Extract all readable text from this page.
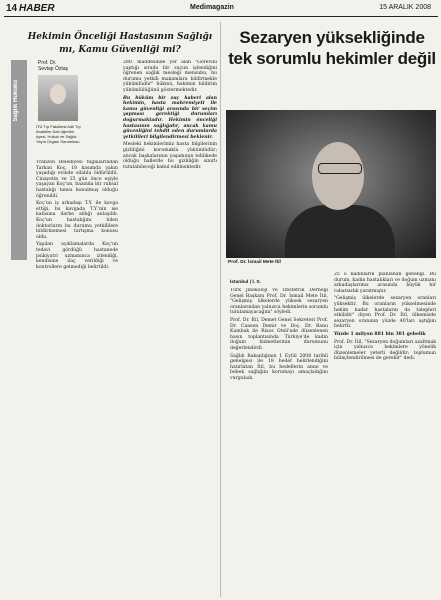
14 HABER	Medimagazin	15 ARALIK 2008
Hekimin Önceliği Hastasının Sağlığı mı, Kamu Güvenliği mi?
Sağlık Hukuku
Prof. Dr.
Sevtap Öztaş
İTÜ Tıp Fakültesi Adli Tıp Anabilim Dalı öğretim üyesi, Hukuk ve Sağlık Yayın Organı Sorumlusu

Trabzon Belediyesi tuğlalarından Tarkan Koç, 18 kasımda yakın yaşadığı evinde silahla öldürüldü. Cinayetin ve 25 gün önce eşiyle yaşayan Koç'un, bazında bir ruhsal hastalığı tanısı konulmuş olduğu öğrenildi.

Koç'un iş arkadaşı T.Y. ile kavga ettiği, bu kavgada T.Y.'nin ise kafasına darbe aldığı anlaşıldı. Koç'un hastalığını bilen doktorların bu durumu yetkililere bildirmemesi tartışma konusu oldu.

Yapılan açıklamalarda Koç'un tedavi gördüğü hastanede psikiyatri uzmanınca izlendiği, kendisine ilaç verildiği ve kontrollere gelmediği belirtildi.

280. maddesinde yer alan "Görevini yaptığı sırada bir suçun işlendiğini öğrenen sağlık mesleği mensubu, bu durumu yetkili makamlara bildirmekle yükümlüdür" hükmü, hekimin bildirim yükümlülüğünü göstermektedir.

Bu hüküm bir suç haberi alan hekimin, hasta mahremiyeti ile kamu güvenliği arasında bir seçim yapması gerektiği durumları doğurmaktadır. Hekimin önceliği hastasının sağlığıdır, ancak kamu güvenliğini tehdit eden durumlarda yetkilileri bilgilendirmesi beklenir.

Mesleki hekimlerimiz hasta bilgilerinin gizliliğini korumakla yükümlüdür; ancak başkalarının yaşamının tehlikede olduğu hallerde bu gizliliğin sınırlı tutulabileceği kabul edilmektedir.

Sezaryen yüksekliğinde tek sorumlu hekimler değil
Prof. Dr. İsmail Mete İtil
İstanbul | İ. S.

Türk Jinekoloji ve Obstetrik Derneği Genel Başkanı Prof. Dr. İsmail Mete İtil, "Gelişmiş ülkelerde yüksek sezaryen oranlarından yalnızca hekimlerin sorumlu tutulamayacağını" söyledi.

Prof. Dr. İtil, Demet Genel Sekreteri Prof. Dr. Cansen Demir ve Doç. Dr. Banu Kumbak ile Rixos Oteli'nde düzenlenen basın toplantısında Türkiye'de kadın doğum hizmetlerinin durumunu değerlendirdi.

Sağlık Bakanlığının 1 Eylül 2008 tarihli genelgesi ile 18 hedef belirlendiğini hatırlatan İtil, bu hedeflerin anne ve bebek sağlığını korumayı amaçladığını vurguladı.

25 o kadınların planlanan gebeliği. Bu durum, kadın hastalıkları ve doğum uzmanı arkadaşlarımız arasında büyük bir rahatsızlık yaratmıştır.

"Gelişmiş ülkelerde sezaryen oranları yüksektir. Bu oranların yükselmesinde hekim kadar hastaların da talepleri etkilidir" diyen Prof. Dr. İtil, ülkemizde sezaryen oranının yüzde 40'ları aştığını belirtti.

Yüzde 1 milyon 881 bin 381 gebelik

Prof. Dr. İtil, "Sezaryen doğumları azaltmak için yalnızca hekimlere yönelik düzenlemeler yeterli değildir; toplumun bilinçlendirilmesi de gerekir" dedi.
